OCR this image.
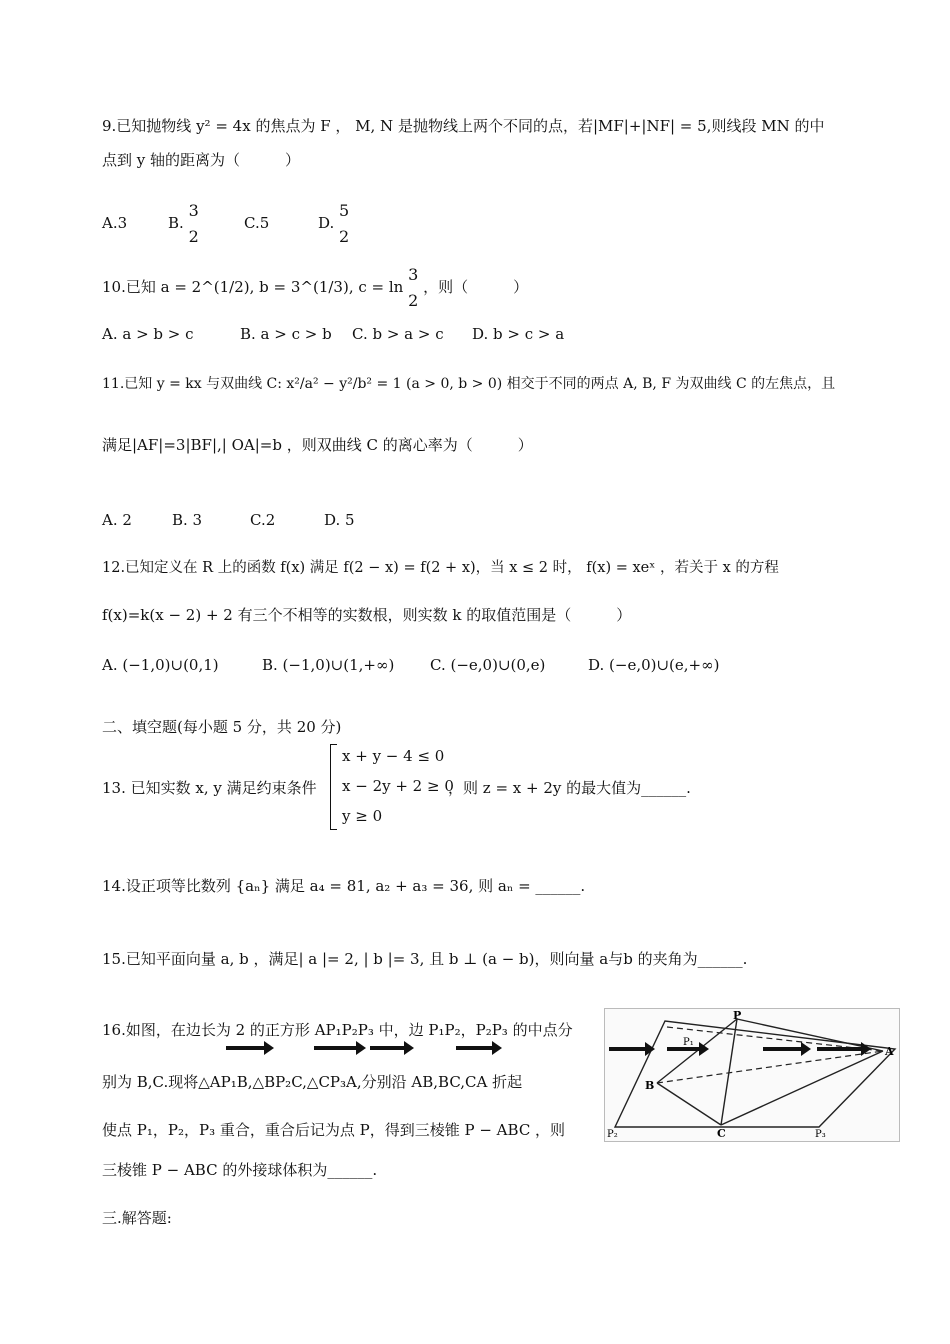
9.已知抛物线 y² = 4x 的焦点为 F ， M, N 是抛物线上两个不同的点，若|MF|+|NF| = 5,则线段 MN 的中
点到 y 轴的距离为（　　　）
A.3	B.
3
2
C.5	D.
5
2
10.已知 a = 2^(1/2), b = 3^(1/3), c = ln
3
2
，则（　　　）
A. a > b > c	B. a > c > b C. b > a > c D. b > c > a
11.已知 y = kx 与双曲线 C: x²/a² − y²/b² = 1 (a > 0, b > 0) 相交于不同的两点 A, B, F 为双曲线 C 的左焦点，且
满足|AF|=3|BF|,| OA|=b ，则双曲线 C 的离心率为（　　　）
A. 2	B. 3	C.2	D. 5
12.已知定义在 R 上的函数 f(x) 满足 f(2 − x) = f(2 + x)，当 x ≤ 2 时， f(x) = xeˣ ，若关于 x 的方程
f(x)=k(x − 2) + 2 有三个不相等的实数根，则实数 k 的取值范围是（　　　）
A. (−1,0)∪(0,1)	B. (−1,0)∪(1,+∞) C. (−e,0)∪(0,e)	D. (−e,0)∪(e,+∞)
二、填空题(每小题 5 分，共 20 分)
13. 已知实数 x, y 满足约束条件
x + y − 4 ≤ 0
x − 2y + 2 ≥ 0
y ≥ 0
，则 z = x + 2y 的最大值为______.
14.设正项等比数列 {aₙ} 满足 a₄ = 81, a₂ + a₃ = 36, 则 aₙ = ______.
15.已知平面向量 a, b ，满足| a |= 2, | b |= 3, 且 b ⊥ (a − b)，则向量 a与b 的夹角为______.
16.如图，在边长为 2 的正方形 AP₁P₂P₃ 中，边 P₁P₂，P₂P₃ 的中点分
别为 B,C.现将△AP₁B,△BP₂C,△CP₃A,分别沿 AB,BC,CA 折起
使点 P₁，P₂，P₃ 重合，重合后记为点 P，得到三棱锥 P − ABC ，则
三棱锥 P − ABC 的外接球体积为______.
P
P₁
P₂	P₃
A
B
C
三.解答题:
